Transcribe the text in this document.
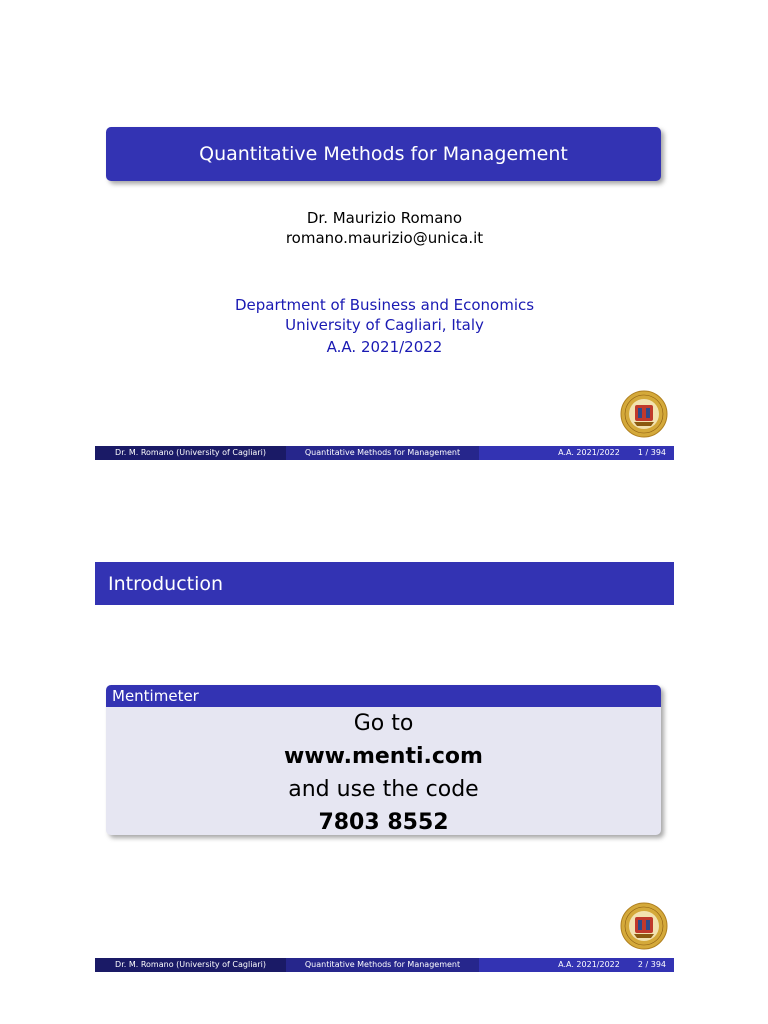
Quantitative Methods for Management
Dr. Maurizio Romano
romano.maurizio@unica.it
Department of Business and Economics
University of Cagliari, Italy
A.A. 2021/2022
Dr. M. Romano (University of Cagliari)	Quantitative Methods for Management	A.A. 2021/2022 1 / 394
Introduction
Mentimeter
Go to
www.menti.com
and use the code
7803 8552
Dr. M. Romano (University of Cagliari)	Quantitative Methods for Management	A.A. 2021/2022 2 / 394
